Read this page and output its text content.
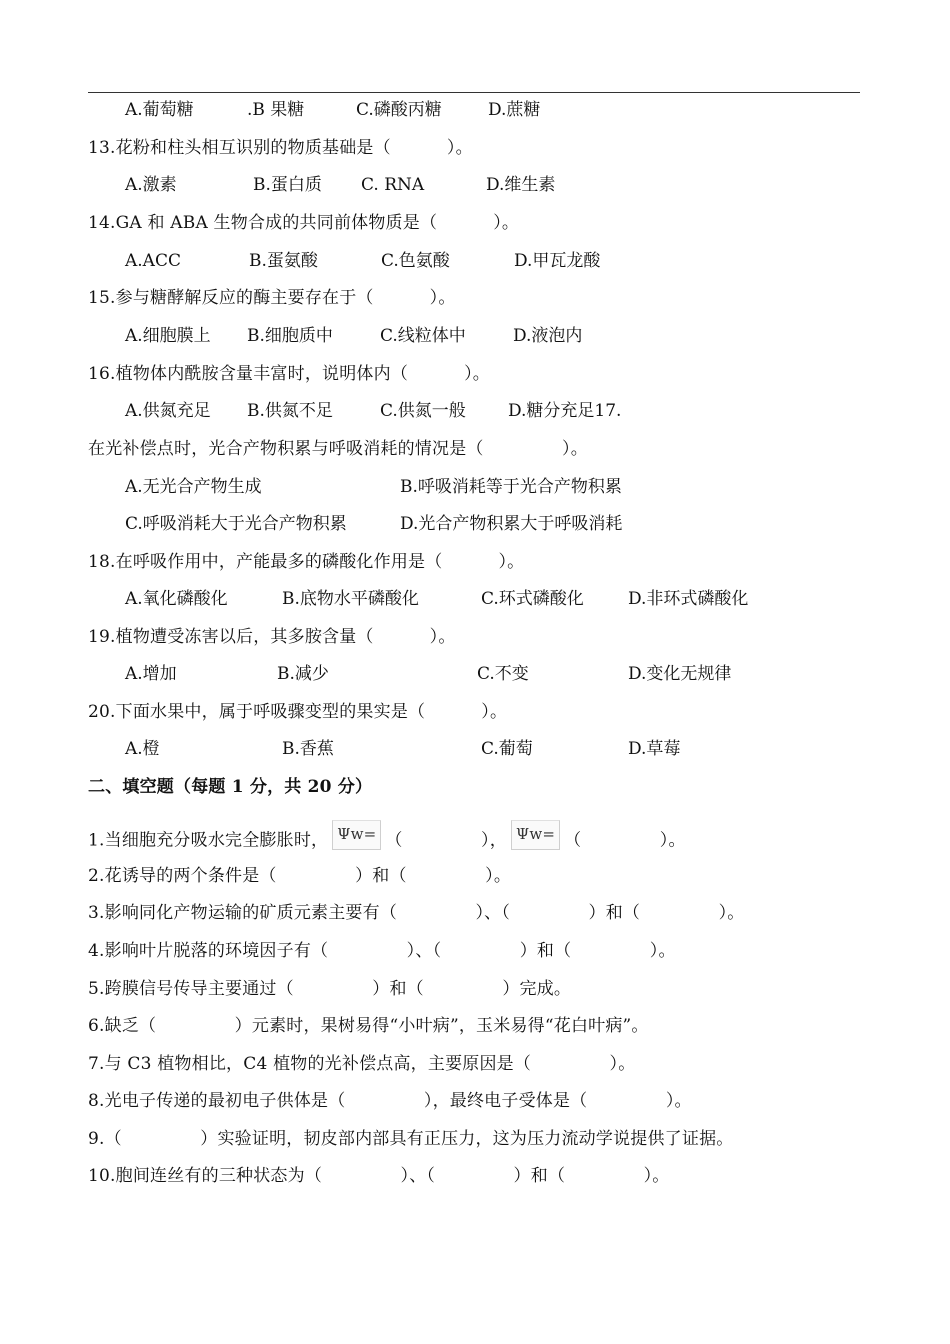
A.葡萄糖	.B 果糖	C.磷酸丙糖	D.蔗糖
13.花粉和柱头相互识别的物质基础是（          ）。
A.激素	B.蛋白质 C. RNA	D.维生素
14.GA 和 ABA 生物合成的共同前体物质是（          ）。
A.ACC	B.蛋氨酸	C.色氨酸	D.甲瓦龙酸
15.参与糖酵解反应的酶主要存在于（          ）。
A.细胞膜上 B.细胞质中	C.线粒体中	D.液泡内
16.植物体内酰胺含量丰富时，说明体内（          ）。
A.供氮充足 B.供氮不足	C.供氮一般 D.糖分充足17.
在光补偿点时，光合产物积累与呼吸消耗的情况是（              ）。
A.无光合产物生成	B.呼吸消耗等于光合产物积累
C.呼吸消耗大于光合产物积累	D.光合产物积累大于呼吸消耗
18.在呼吸作用中，产能最多的磷酸化作用是（          ）。
A.氧化磷酸化	B.底物水平磷酸化	C.环式磷酸化	D.非环式磷酸化
19.植物遭受冻害以后，其多胺含量（          ）。
A.增加	B.减少	C.不变	D.变化无规律
20.下面水果中，属于呼吸骤变型的果实是（          ）。
A.橙	B.香蕉	C.葡萄	D.草莓
二、填空题（每题 1 分，共 20 分）
1.当细胞充分吸水完全膨胀时， Ψw= （              ）， Ψw= （              ）。
2.花诱导的两个条件是（              ）和（              ）。
3.影响同化产物运输的矿质元素主要有（              ）、（              ）和（              ）。
4.影响叶片脱落的环境因子有（              ）、（              ）和（              ）。
5.跨膜信号传导主要通过（              ）和（              ）完成。
6.缺乏（              ）元素时，果树易得“小叶病”，玉米易得“花白叶病”。
7.与 C3 植物相比，C4 植物的光补偿点高，主要原因是（              ）。
8.光电子传递的最初电子供体是（              ），最终电子受体是（              ）。
9.（              ）实验证明，韧皮部内部具有正压力，这为压力流动学说提供了证据。
10.胞间连丝有的三种状态为（              ）、（              ）和（              ）。
